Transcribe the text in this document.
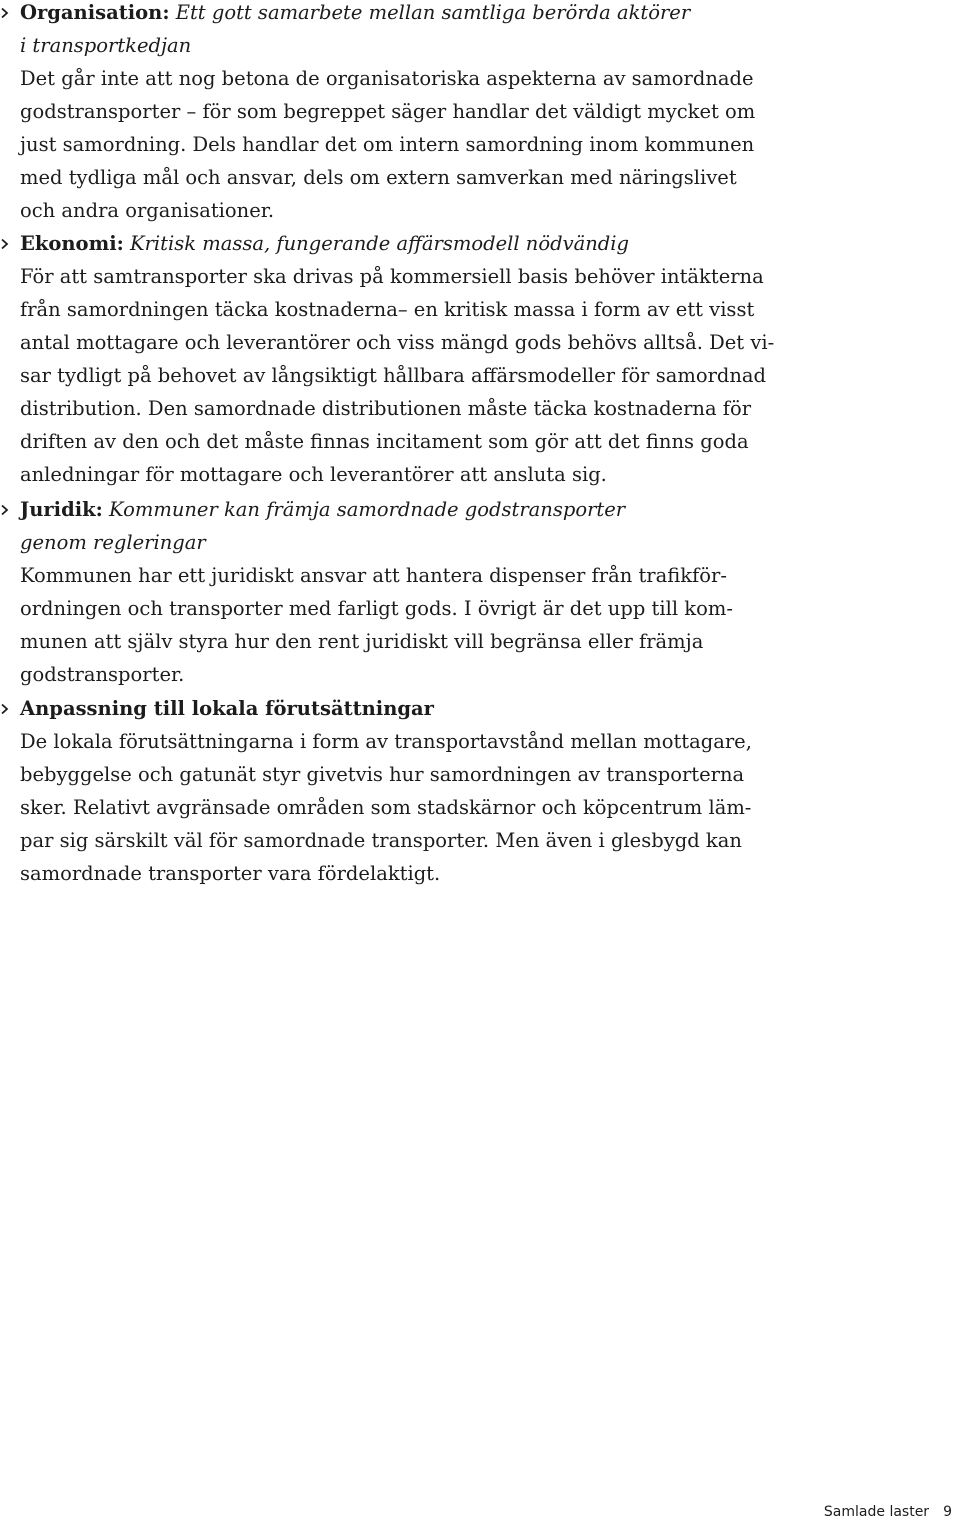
Organisation: Ett gott samarbete mellan samtliga berörda aktörer
i transportkedjan
Det går inte att nog betona de organisatoriska aspekterna av samordnade
godstransporter – för som begreppet säger handlar det väldigt mycket om
just samordning. Dels handlar det om intern samordning inom kommunen
med tydliga mål och ansvar, dels om extern samverkan med näringslivet
och andra organisationer.
Ekonomi: Kritisk massa, fungerande affärsmodell nödvändig
För att samtransporter ska drivas på kommersiell basis behöver intäkterna
från samordningen täcka kostnaderna– en kritisk massa i form av ett visst
antal mottagare och leverantörer och viss mängd gods behövs alltså. Det vi-
sar tydligt på behovet av långsiktigt hållbara affärsmodeller för samordnad
distribution. Den samordnade distributionen måste täcka kostnaderna för
driften av den och det måste finnas incitament som gör att det finns goda
anledningar för mottagare och leverantörer att ansluta sig.
Juridik: Kommuner kan främja samordnade godstransporter
genom regleringar
Kommunen har ett juridiskt ansvar att hantera dispenser från trafikför-
ordningen och transporter med farligt gods. I övrigt är det upp till kom-
munen att själv styra hur den rent juridiskt vill begränsa eller främja
godstransporter.
Anpassning till lokala förutsättningar
De lokala förutsättningarna i form av transportavstånd mellan mottagare,
bebyggelse och gatunät styr givetvis hur samordningen av transporterna
sker. Relativt avgränsade områden som stadskärnor och köpcentrum läm-
par sig särskilt väl för samordnade transporter. Men även i glesbygd kan
samordnade transporter vara fördelaktigt.
Samlade laster 9
